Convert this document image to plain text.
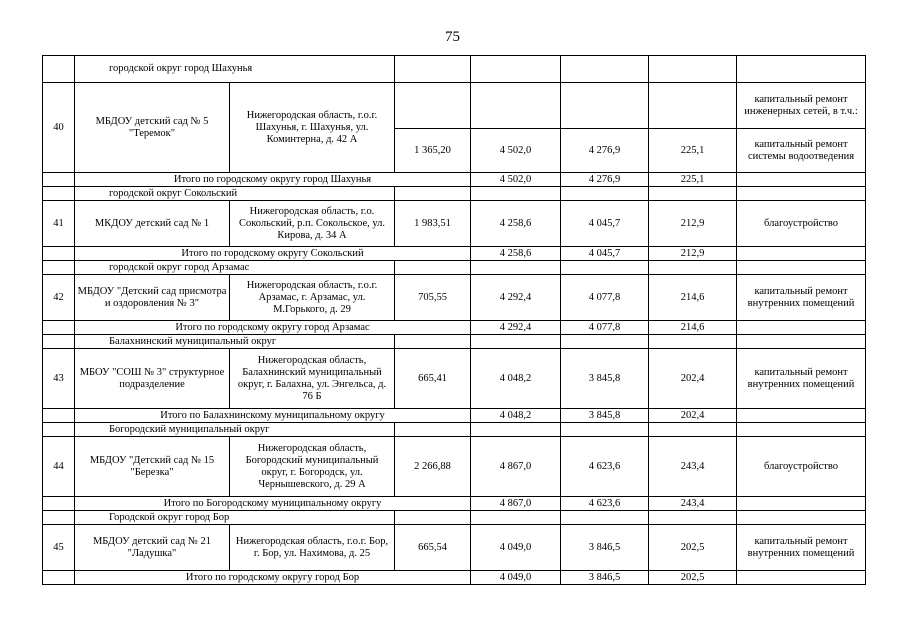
75
	городской округ город Шахунья						
40	МБДОУ детский сад № 5 "Теремок"	Нижегородская область, г.о.г. Шахунья, г. Шахунья, ул. Коминтерна, д. 42 А					капитальный ремонт инженерных сетей, в т.ч.:
			1 365,20	4 502,0	4 276,9	225,1	капитальный ремонт системы водоотведения
	Итого по городскому округу город Шахунья			4 502,0	4 276,9	225,1	
	городской округ Сокольский						
41	МКДОУ детский сад № 1	Нижегородская область, г.о. Сокольский, р.п. Сокольское, ул. Кирова, д. 34 А	1 983,51	4 258,6	4 045,7	212,9	благоустройство
	Итого по городскому округу Сокольский			4 258,6	4 045,7	212,9	
	городской округ город Арзамас						
42	МБДОУ "Детский сад присмотра и оздоровления № 3"	Нижегородская область, г.о.г. Арзамас, г. Арзамас, ул. М.Горького, д. 29	705,55	4 292,4	4 077,8	214,6	капитальный ремонт внутренних помещений
	Итого по городскому округу город Арзамас			4 292,4	4 077,8	214,6	
	Балахнинский муниципальный округ						
43	МБОУ "СОШ № 3" структурное подразделение	Нижегородская область, Балахнинский муниципальный округ, г. Балахна, ул. Энгельса, д. 76 Б	665,41	4 048,2	3 845,8	202,4	капитальный ремонт внутренних помещений
	Итого по Балахнинскому муниципальному округу			4 048,2	3 845,8	202,4	
	Богородский муниципальный округ						
44	МБДОУ "Детский сад № 15 "Березка"	Нижегородская область, Богородский муниципальный округ, г. Богородск, ул. Чернышевского, д. 29 А	2 266,88	4 867,0	4 623,6	243,4	благоустройство
	Итого по Богородскому муниципальному округу			4 867,0	4 623,6	243,4	
	Городской округ город Бор						
45	МБДОУ детский сад № 21 "Ладушка"	Нижегородская область, г.о.г. Бор, г. Бор, ул. Нахимова, д. 25	665,54	4 049,0	3 846,5	202,5	капитальный ремонт внутренних помещений
	Итого по городскому округу город Бор			4 049,0	3 846,5	202,5	
